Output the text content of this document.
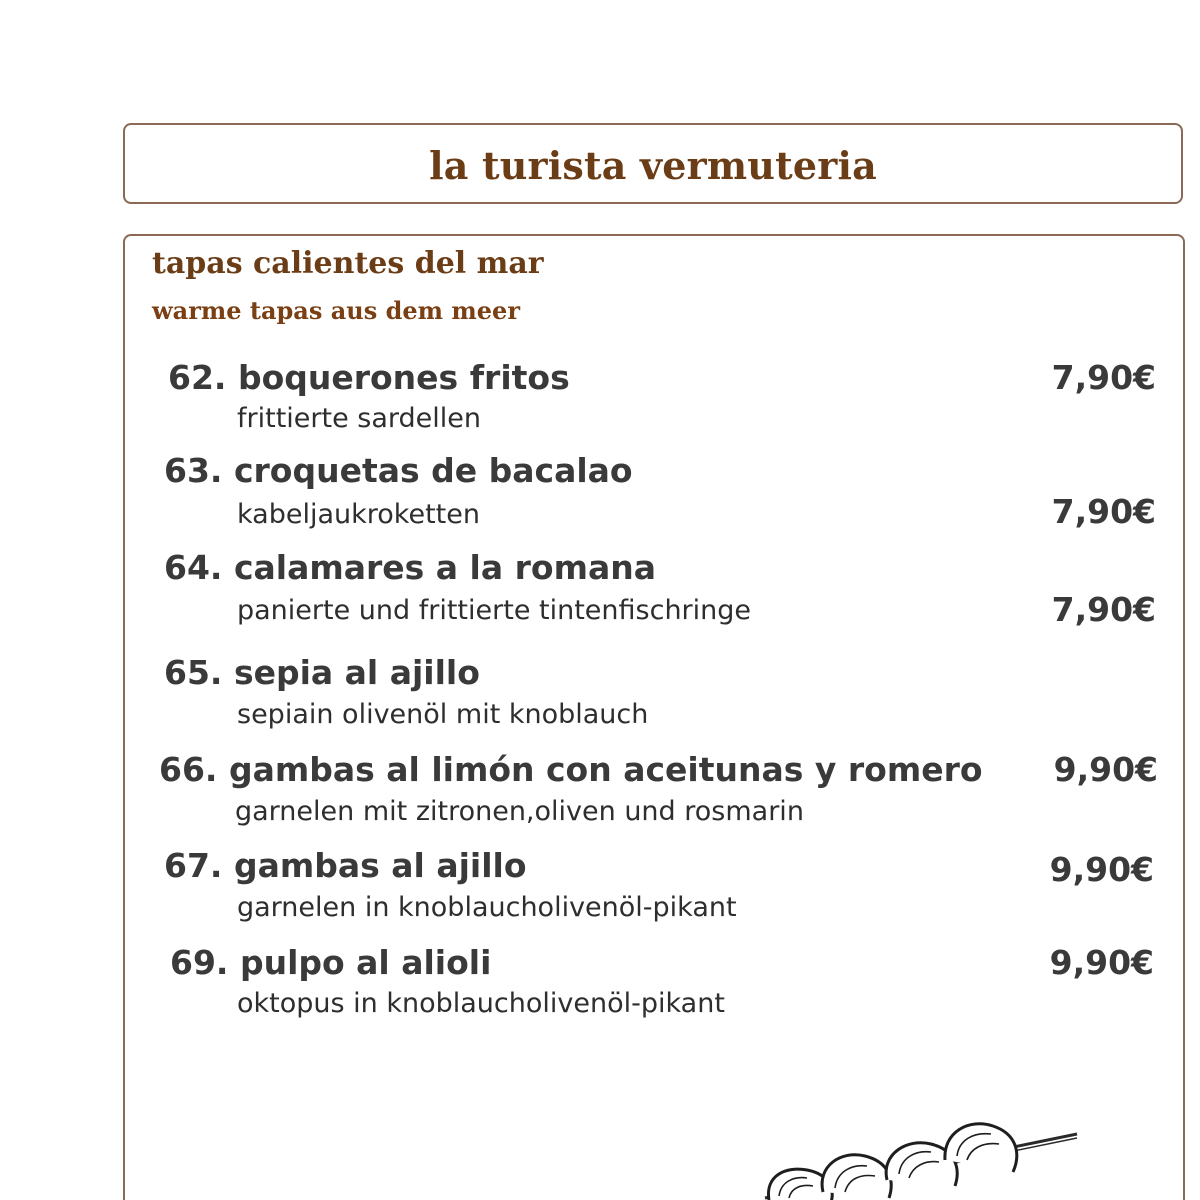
la turista vermuteria
tapas calientes del mar
warme tapas aus dem meer
62. boquerones fritos
frittierte sardellen
7,90€
63. croquetas de bacalao
kabeljaukroketten	7,90€
64. calamares a la romana
panierte und frittierte tintenfischringe	7,90€
65. sepia al ajillo
sepiain olivenöl mit knoblauch
66. gambas al limón con aceitunas y romero
garnelen mit zitronen,oliven und rosmarin
9,90€
67. gambas al ajillo
garnelen in knoblaucholivenöl-pikant
9,90€
69. pulpo al alioli
oktopus in knoblaucholivenöl-pikant
9,90€
